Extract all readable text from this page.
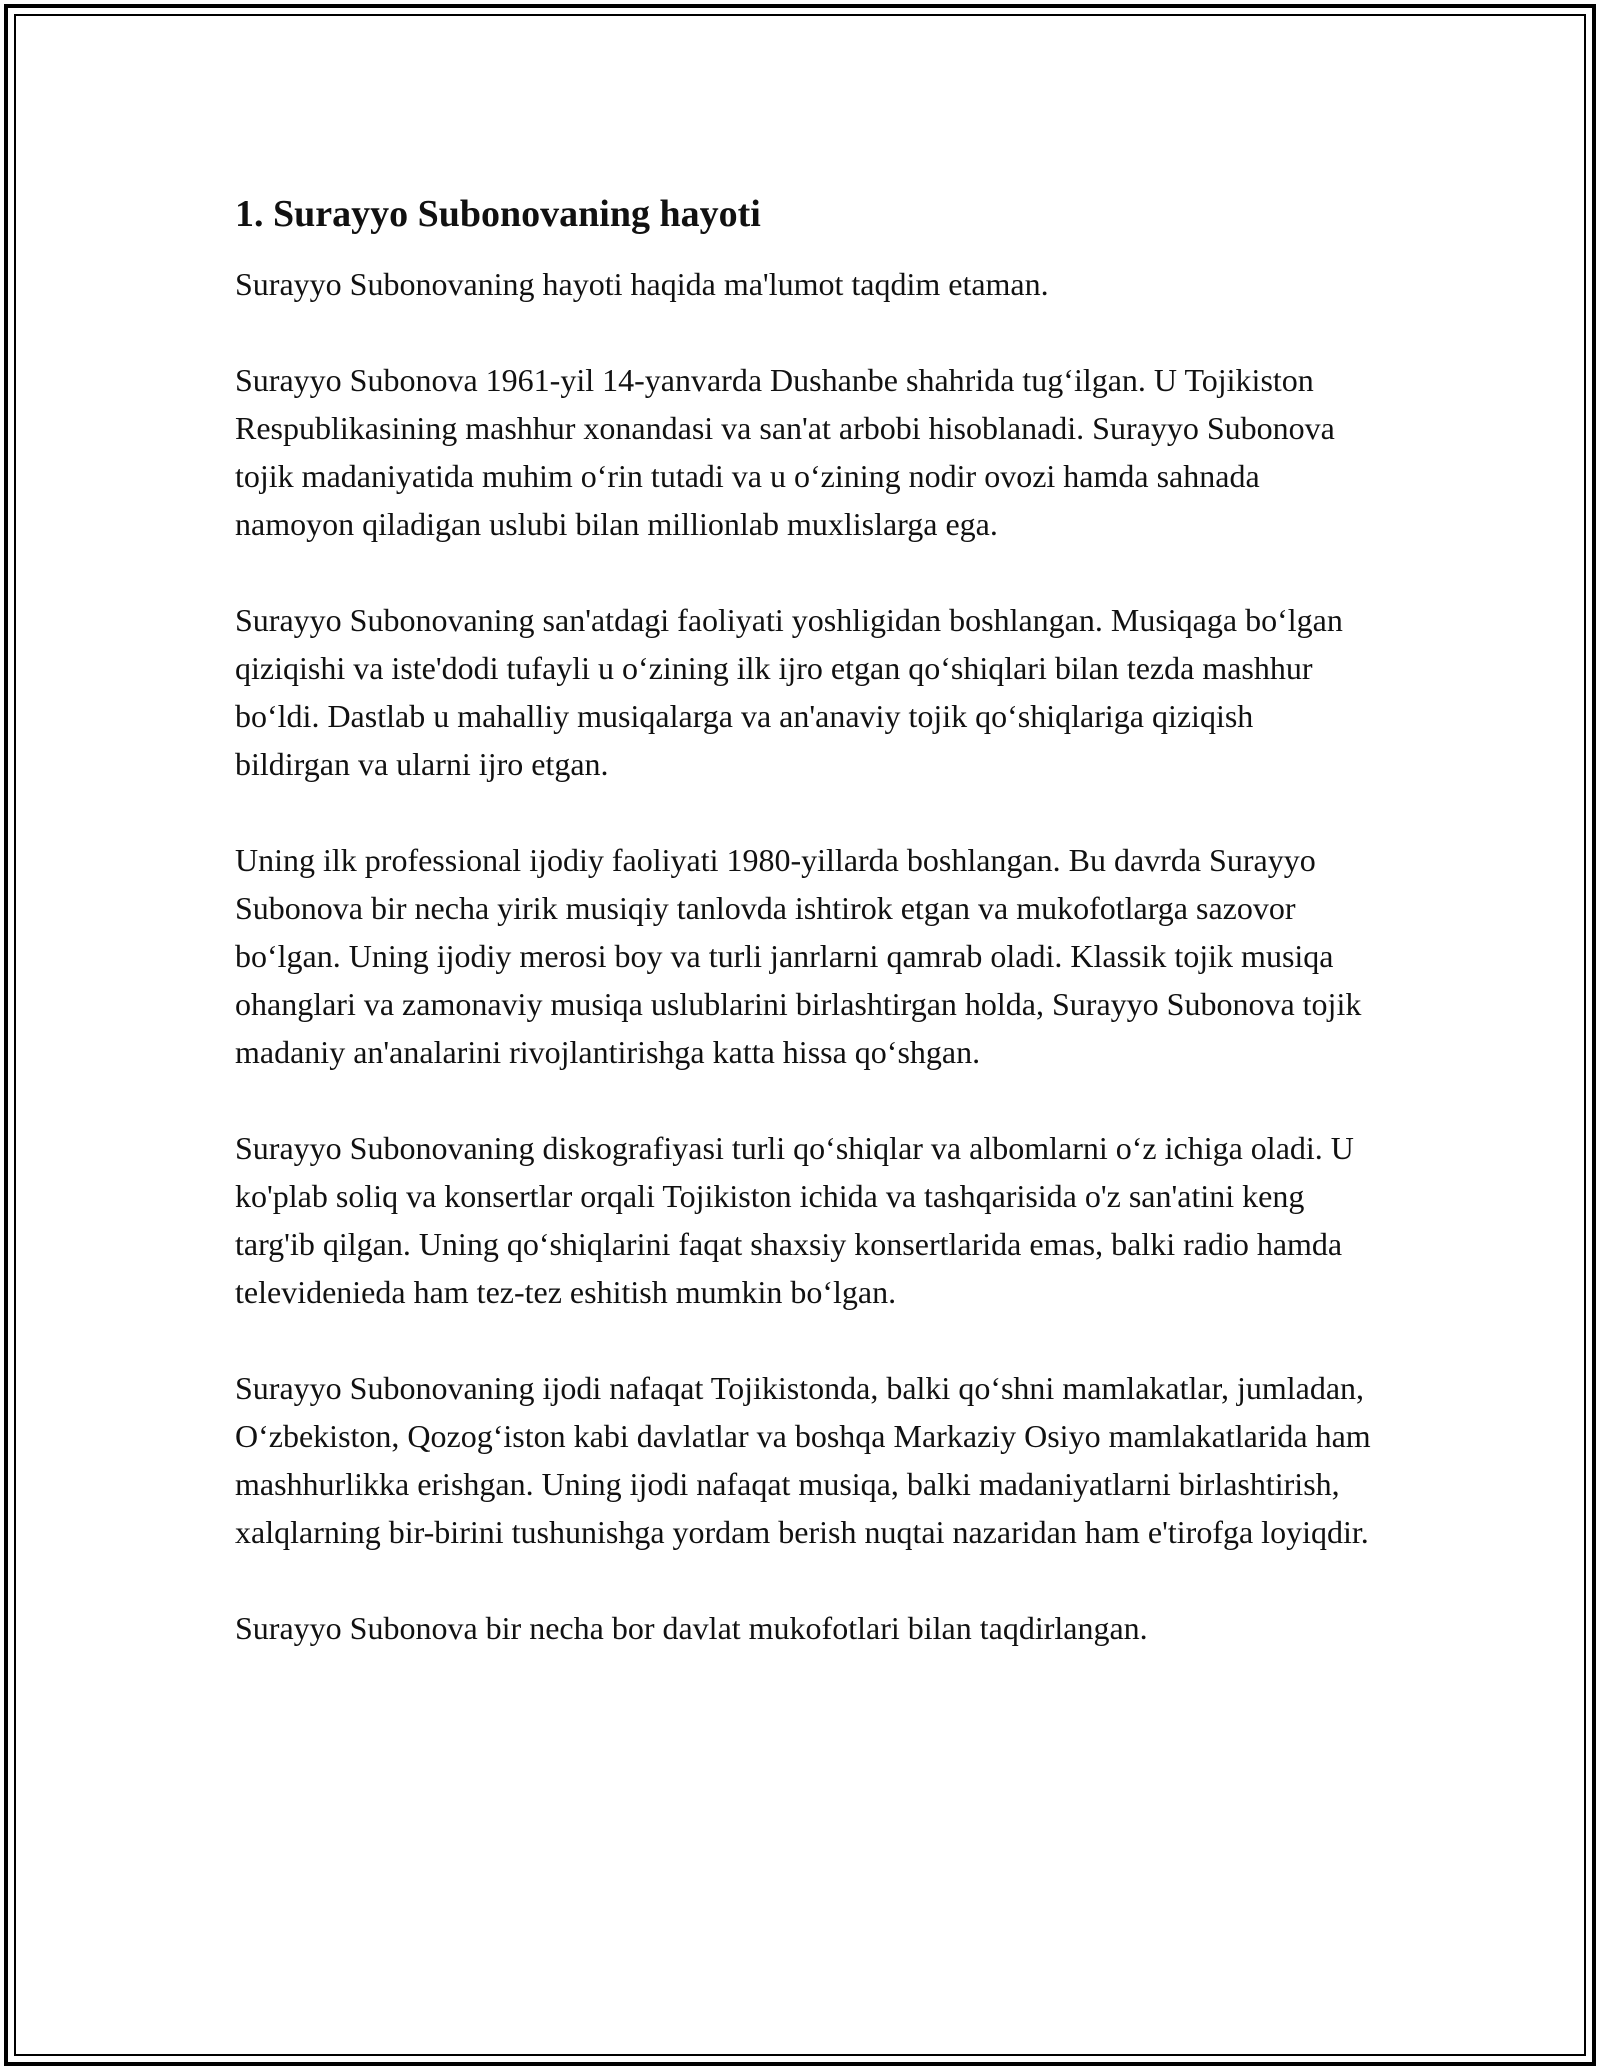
1. Surayyo Subonovaning hayoti

Surayyo Subonovaning hayoti haqida ma'lumot taqdim etaman.

Surayyo Subonova 1961-yil 14-yanvarda Dushanbe shahrida tug‘ilgan. U Tojikiston Respublikasining mashhur xonandasi va san'at arbobi hisoblanadi. Surayyo Subonova tojik madaniyatida muhim o‘rin tutadi va u o‘zining nodir ovozi hamda sahnada namoyon qiladigan uslubi bilan millionlab muxlislarga ega.

Surayyo Subonovaning san'atdagi faoliyati yoshligidan boshlangan. Musiqaga bo‘lgan qiziqishi va iste'dodi tufayli u o‘zining ilk ijro etgan qo‘shiqlari bilan tezda mashhur bo‘ldi. Dastlab u mahalliy musiqalarga va an'anaviy tojik qo‘shiqlariga qiziqish bildirgan va ularni ijro etgan.

Uning ilk professional ijodiy faoliyati 1980-yillarda boshlangan. Bu davrda Surayyo Subonova bir necha yirik musiqiy tanlovda ishtirok etgan va mukofotlarga sazovor bo‘lgan. Uning ijodiy merosi boy va turli janrlarni qamrab oladi. Klassik tojik musiqa ohanglari va zamonaviy musiqa uslublarini birlashtirgan holda, Surayyo Subonova tojik madaniy an'analarini rivojlantirishga katta hissa qo‘shgan.

Surayyo Subonovaning diskografiyasi turli qo‘shiqlar va albomlarni o‘z ichiga oladi. U ko'plab soliq va konsertlar orqali Tojikiston ichida va tashqarisida o'z san'atini keng targ'ib qilgan. Uning qo‘shiqlarini faqat shaxsiy konsertlarida emas, balki radio hamda televidenieda ham tez-tez eshitish mumkin bo‘lgan.

Surayyo Subonovaning ijodi nafaqat Tojikistonda, balki qo‘shni mamlakatlar, jumladan, O‘zbekiston, Qozog‘iston kabi davlatlar va boshqa Markaziy Osiyo mamlakatlarida ham mashhurlikka erishgan. Uning ijodi nafaqat musiqa, balki madaniyatlarni birlashtirish, xalqlarning bir-birini tushunishga yordam berish nuqtai nazaridan ham e'tirofga loyiqdir.

Surayyo Subonova bir necha bor davlat mukofotlari bilan taqdirlangan.
